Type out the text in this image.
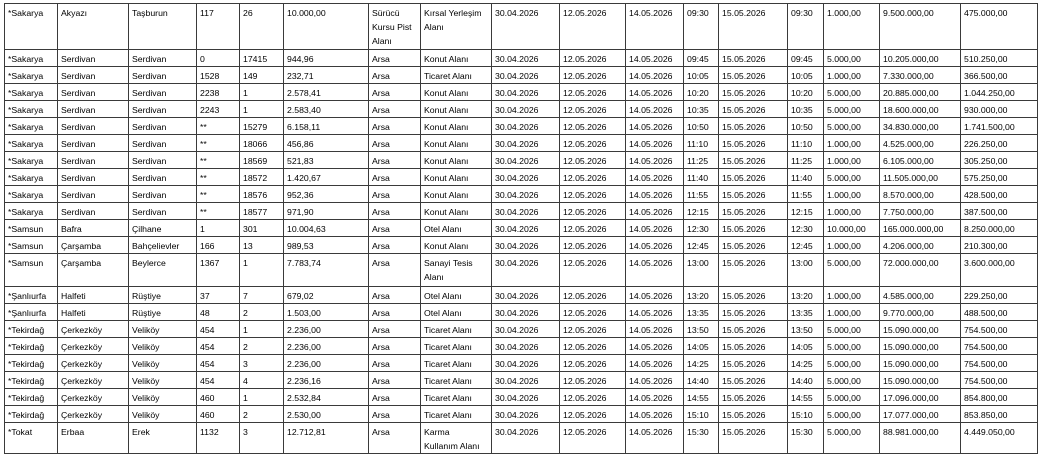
*Sakarya	Akyazı	Taşburun	117	26	10.000,00	Sürücü
Kursu Pist
Alanı	Kırsal Yerleşim
Alanı	30.04.2026	12.05.2026	14.05.2026	09:30	15.05.2026	09:30	1.000,00	9.500.000,00	475.000,00
*Sakarya	Serdivan	Serdivan	0	17415	944,96	Arsa	Konut Alanı	30.04.2026	12.05.2026	14.05.2026	09:45	15.05.2026	09:45	5.000,00	10.205.000,00	510.250,00
*Sakarya	Serdivan	Serdivan	1528	149	232,71	Arsa	Ticaret Alanı	30.04.2026	12.05.2026	14.05.2026	10:05	15.05.2026	10:05	1.000,00	7.330.000,00	366.500,00
*Sakarya	Serdivan	Serdivan	2238	1	2.578,41	Arsa	Konut Alanı	30.04.2026	12.05.2026	14.05.2026	10:20	15.05.2026	10:20	5.000,00	20.885.000,00	1.044.250,00
*Sakarya	Serdivan	Serdivan	2243	1	2.583,40	Arsa	Konut Alanı	30.04.2026	12.05.2026	14.05.2026	10:35	15.05.2026	10:35	5.000,00	18.600.000,00	930.000,00
*Sakarya	Serdivan	Serdivan	**	15279	6.158,11	Arsa	Konut Alanı	30.04.2026	12.05.2026	14.05.2026	10:50	15.05.2026	10:50	5.000,00	34.830.000,00	1.741.500,00
*Sakarya	Serdivan	Serdivan	**	18066	456,86	Arsa	Konut Alanı	30.04.2026	12.05.2026	14.05.2026	11:10	15.05.2026	11:10	1.000,00	4.525.000,00	226.250,00
*Sakarya	Serdivan	Serdivan	**	18569	521,83	Arsa	Konut Alanı	30.04.2026	12.05.2026	14.05.2026	11:25	15.05.2026	11:25	1.000,00	6.105.000,00	305.250,00
*Sakarya	Serdivan	Serdivan	**	18572	1.420,67	Arsa	Konut Alanı	30.04.2026	12.05.2026	14.05.2026	11:40	15.05.2026	11:40	5.000,00	11.505.000,00	575.250,00
*Sakarya	Serdivan	Serdivan	**	18576	952,36	Arsa	Konut Alanı	30.04.2026	12.05.2026	14.05.2026	11:55	15.05.2026	11:55	1.000,00	8.570.000,00	428.500,00
*Sakarya	Serdivan	Serdivan	**	18577	971,90	Arsa	Konut Alanı	30.04.2026	12.05.2026	14.05.2026	12:15	15.05.2026	12:15	1.000,00	7.750.000,00	387.500,00
*Samsun	Bafra	Çilhane	1	301	10.004,63	Arsa	Otel Alanı	30.04.2026	12.05.2026	14.05.2026	12:30	15.05.2026	12:30	10.000,00	165.000.000,00	8.250.000,00
*Samsun	Çarşamba	Bahçelievler	166	13	989,53	Arsa	Konut Alanı	30.04.2026	12.05.2026	14.05.2026	12:45	15.05.2026	12:45	1.000,00	4.206.000,00	210.300,00
*Samsun	Çarşamba	Beylerce	1367	1	7.783,74	Arsa	Sanayi Tesis
Alanı	30.04.2026	12.05.2026	14.05.2026	13:00	15.05.2026	13:00	5.000,00	72.000.000,00	3.600.000,00
*Şanlıurfa	Halfeti	Rüştiye	37	7	679,02	Arsa	Otel Alanı	30.04.2026	12.05.2026	14.05.2026	13:20	15.05.2026	13:20	1.000,00	4.585.000,00	229.250,00
*Şanlıurfa	Halfeti	Rüştiye	48	2	1.503,00	Arsa	Otel Alanı	30.04.2026	12.05.2026	14.05.2026	13:35	15.05.2026	13:35	1.000,00	9.770.000,00	488.500,00
*Tekirdağ	Çerkezköy	Veliköy	454	1	2.236,00	Arsa	Ticaret Alanı	30.04.2026	12.05.2026	14.05.2026	13:50	15.05.2026	13:50	5.000,00	15.090.000,00	754.500,00
*Tekirdağ	Çerkezköy	Veliköy	454	2	2.236,00	Arsa	Ticaret Alanı	30.04.2026	12.05.2026	14.05.2026	14:05	15.05.2026	14:05	5.000,00	15.090.000,00	754.500,00
*Tekirdağ	Çerkezköy	Veliköy	454	3	2.236,00	Arsa	Ticaret Alanı	30.04.2026	12.05.2026	14.05.2026	14:25	15.05.2026	14:25	5.000,00	15.090.000,00	754.500,00
*Tekirdağ	Çerkezköy	Veliköy	454	4	2.236,16	Arsa	Ticaret Alanı	30.04.2026	12.05.2026	14.05.2026	14:40	15.05.2026	14:40	5.000,00	15.090.000,00	754.500,00
*Tekirdağ	Çerkezköy	Veliköy	460	1	2.532,84	Arsa	Ticaret Alanı	30.04.2026	12.05.2026	14.05.2026	14:55	15.05.2026	14:55	5.000,00	17.096.000,00	854.800,00
*Tekirdağ	Çerkezköy	Veliköy	460	2	2.530,00	Arsa	Ticaret Alanı	30.04.2026	12.05.2026	14.05.2026	15:10	15.05.2026	15:10	5.000,00	17.077.000,00	853.850,00
*Tokat	Erbaa	Erek	1132	3	12.712,81	Arsa	Karma
Kullanım Alanı	30.04.2026	12.05.2026	14.05.2026	15:30	15.05.2026	15:30	5.000,00	88.981.000,00	4.449.050,00
